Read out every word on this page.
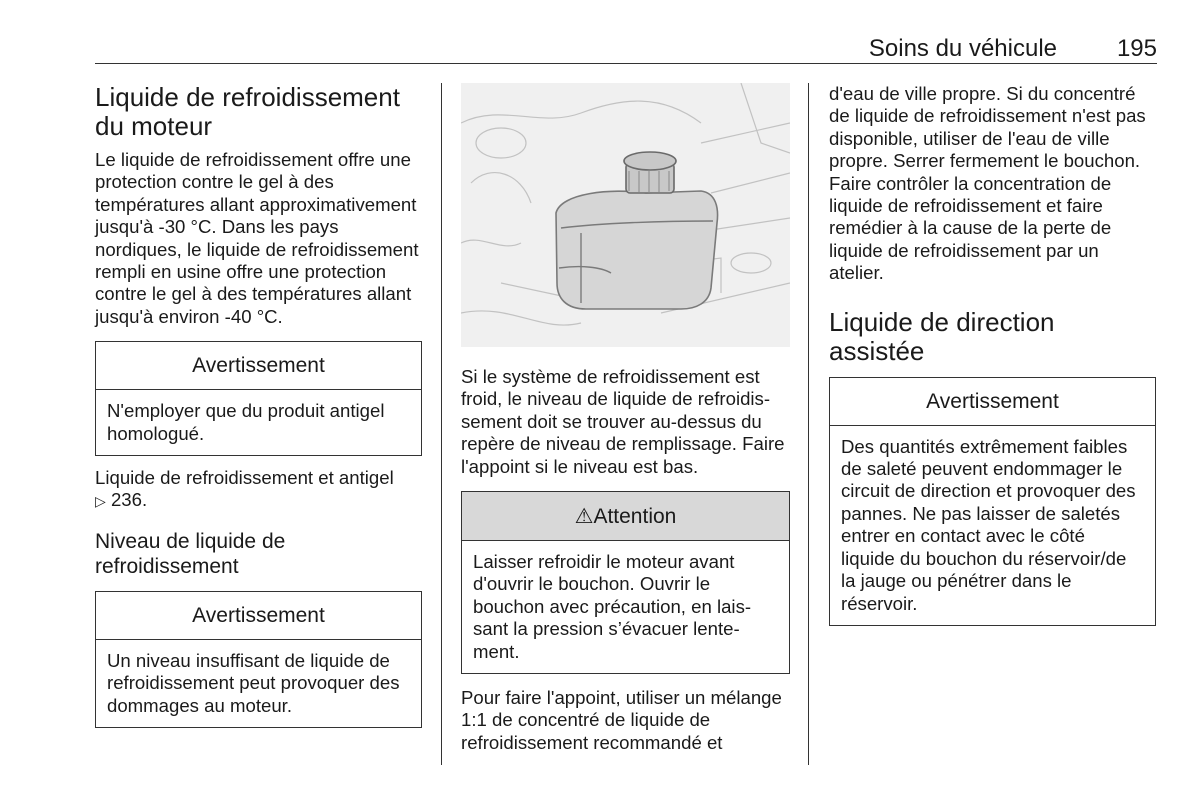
Soins du véhicule 195
Liquide de refroidissement du moteur

Le liquide de refroidissement offre une protection contre le gel à des températures allant approximativement jusqu'à -30 °C. Dans les pays nordiques, le liquide de refroidissement rempli en usine offre une protection contre le gel à des températures allant jusqu'à environ -40 °C.

Avertissement
N'employer que du produit antigel homologué.

Liquide de refroidissement et antigel
▷ 236.

Niveau de liquide de refroidissement
Avertissement
Un niveau insuffisant de liquide de refroidissement peut provoquer des dommages au moteur.

Si le système de refroidissement est froid, le niveau de liquide de refroidissement doit se trouver au-dessus du repère de niveau de remplissage. Faire l'appoint si le niveau est bas.

⚠Attention
Laisser refroidir le moteur avant d'ouvrir le bouchon. Ouvrir le bouchon avec précaution, en laissant la pression s’évacuer lentement.

Pour faire l'appoint, utiliser un mélange 1:1 de concentré de liquide de refroidissement recommandé et

d'eau de ville propre. Si du concentré de liquide de refroidissement n'est pas disponible, utiliser de l'eau de ville propre. Serrer fermement le bouchon. Faire contrôler la concentration de liquide de refroidissement et faire remédier à la cause de la perte de liquide de refroidissement par un atelier.

Liquide de direction assistée
Avertissement
Des quantités extrêmement faibles de saleté peuvent endommager le circuit de direction et provoquer des pannes. Ne pas laisser de saletés entrer en contact avec le côté liquide du bouchon du réservoir/de la jauge ou pénétrer dans le réservoir.
